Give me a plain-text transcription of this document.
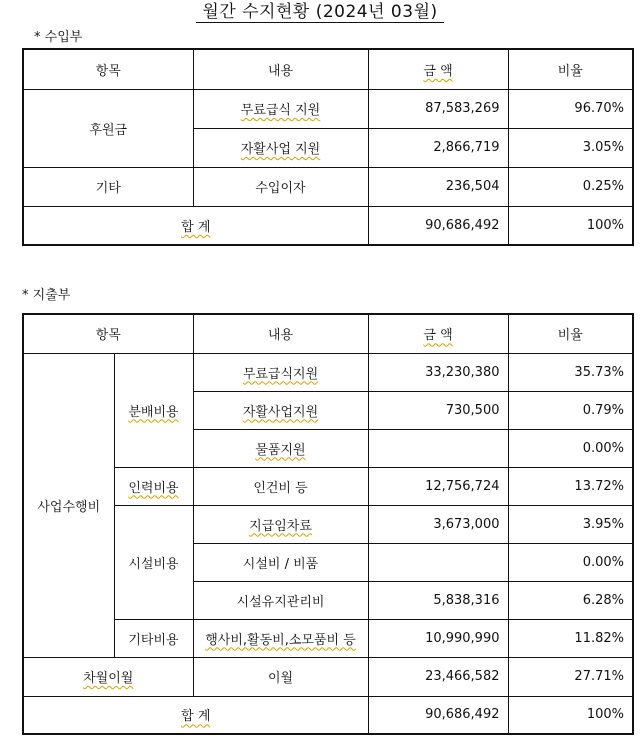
월간 수지현황 (2024년 03월)
* 수입부
항목	내용	금 액	비율
후원금	무료급식 지원	87,583,269	96.70%
	자활사업 지원	2,866,719	3.05%
기타	수입이자	236,504	0.25%
합 계		90,686,492	100%
* 지출부
항목		내용	금 액	비율
사업수행비	분배비용	무료급식지원	33,230,380	35.73%
		자활사업지원	730,500	0.79%
		물품지원		0.00%
	인력비용	인건비 등	12,756,724	13.72%
	시설비용	지급임차료	3,673,000	3.95%
		시설비 / 비품		0.00%
		시설유지관리비	5,838,316	6.28%
	기타비용	행사비,활동비,소모품비 등	10,990,990	11.82%
차월이월		이월	23,466,582	27.71%
합 계			90,686,492	100%
